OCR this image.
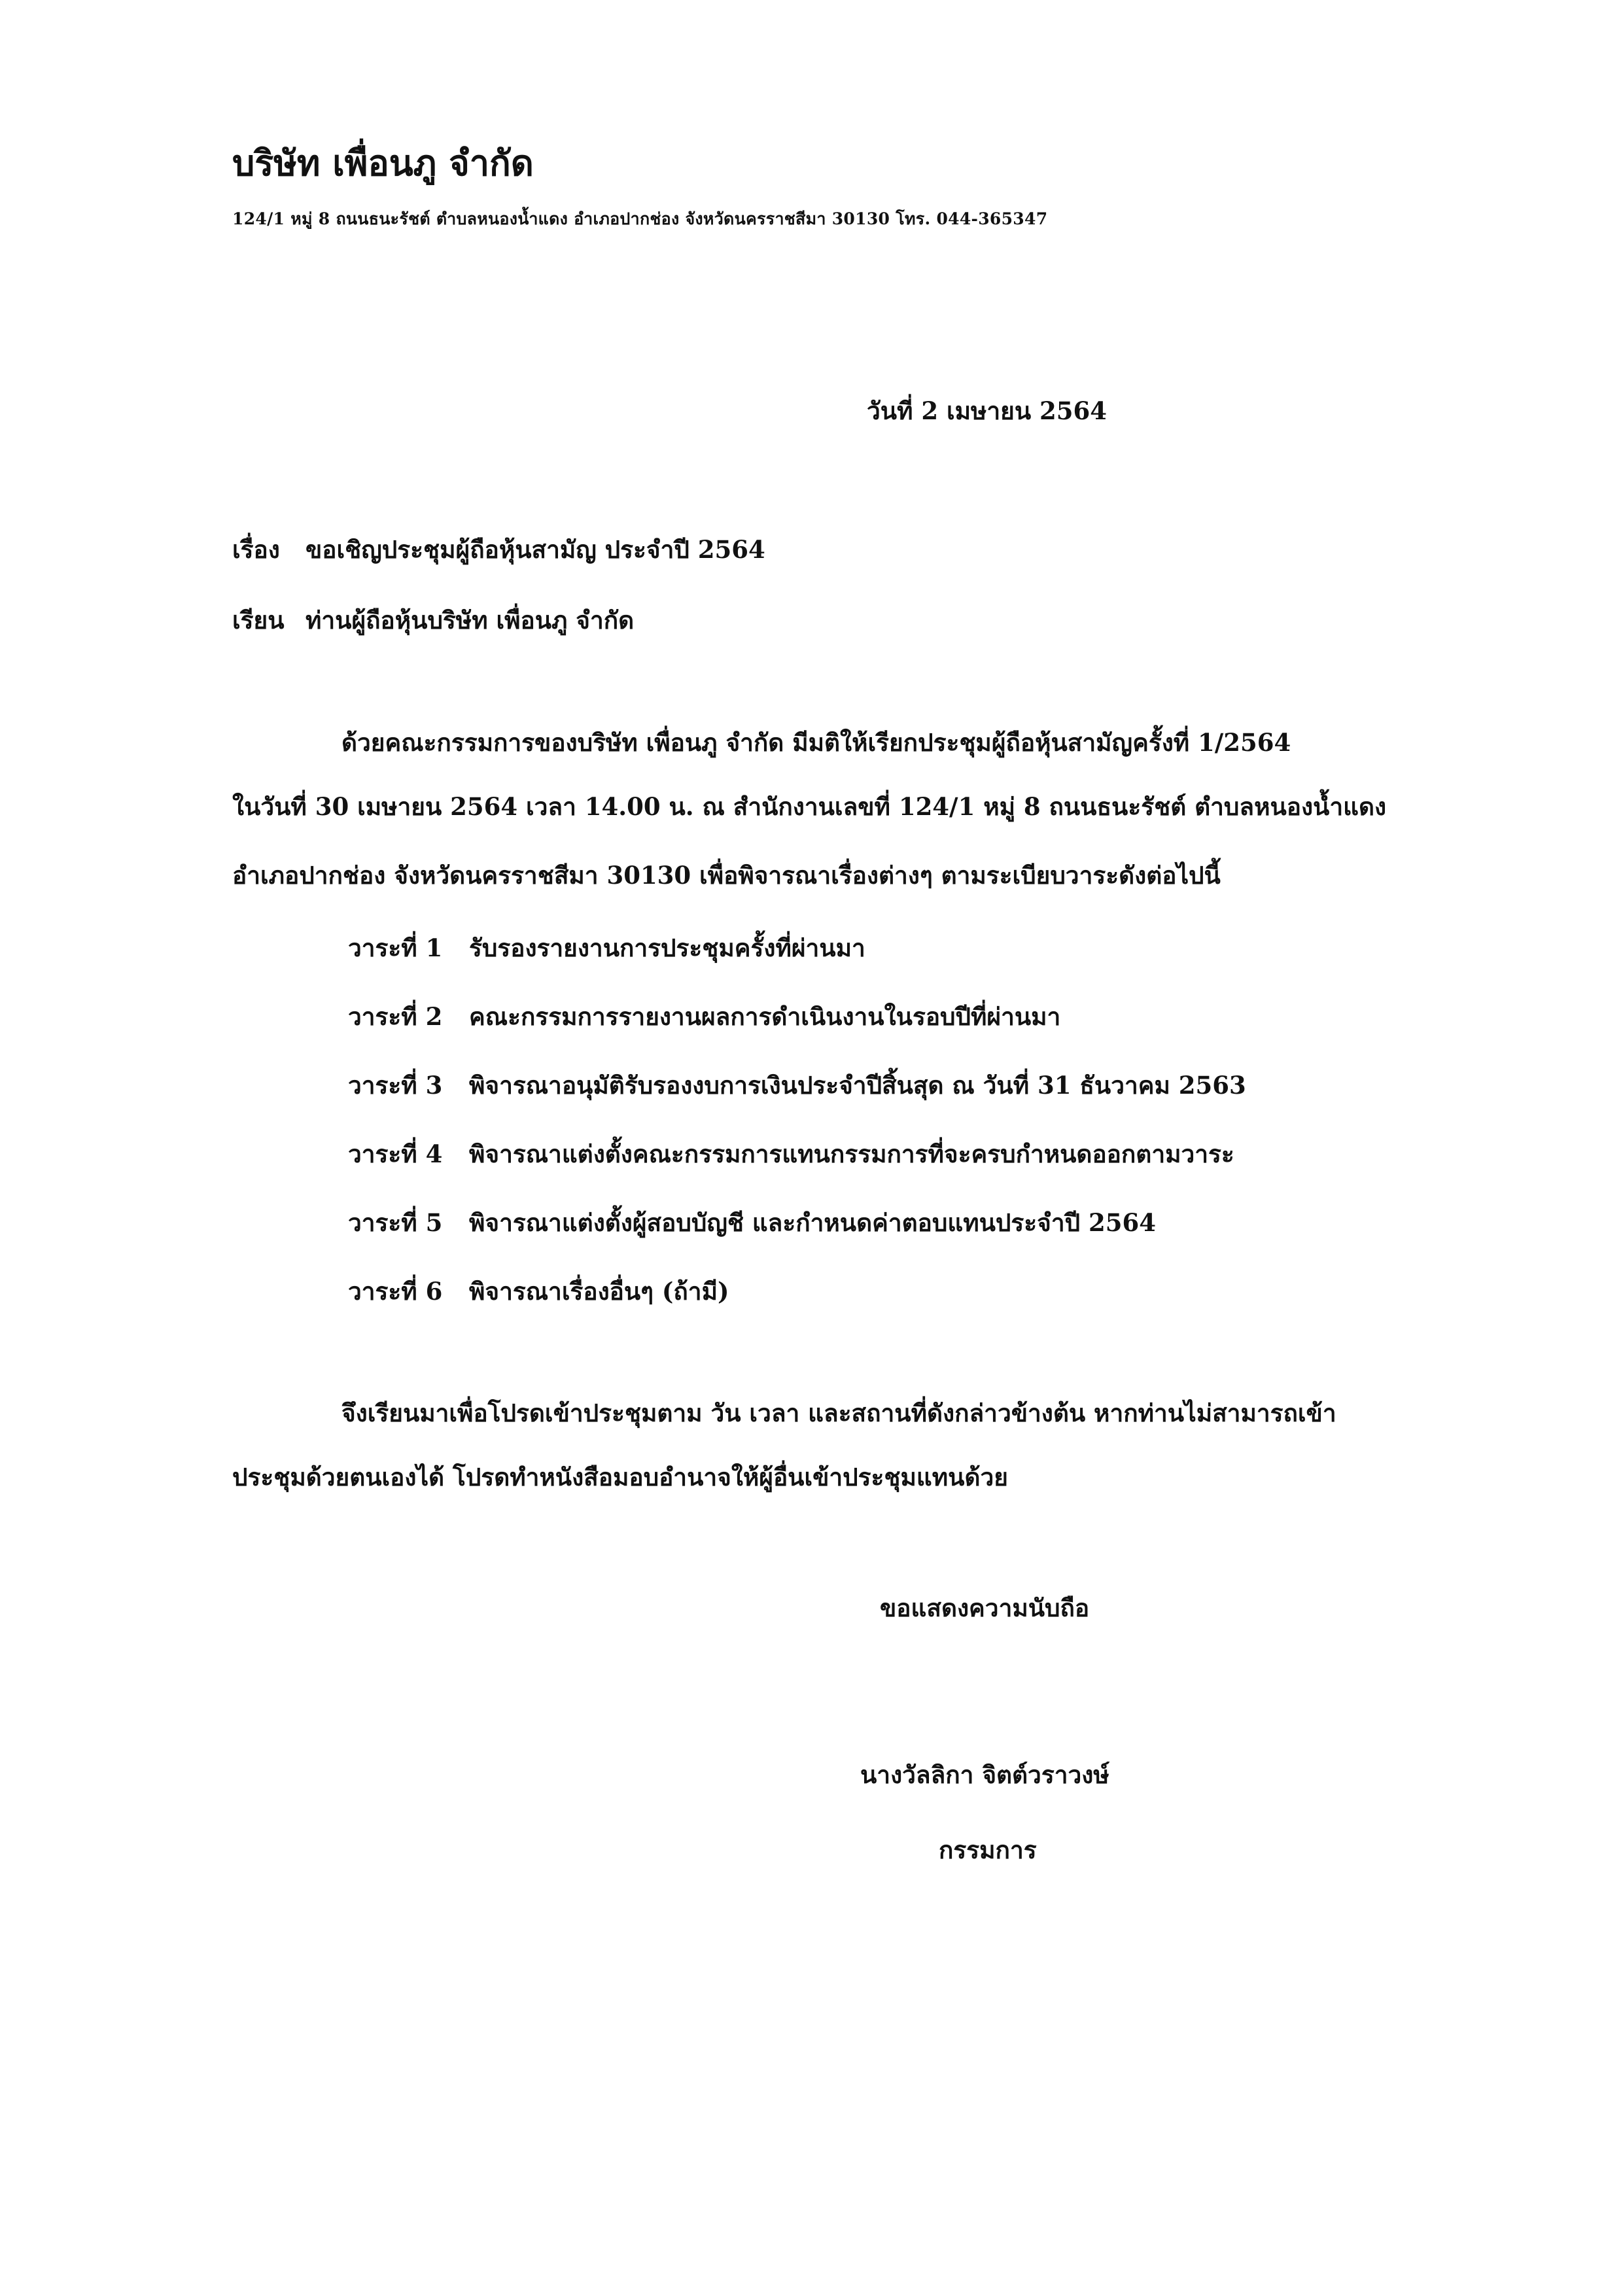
บริษัท เพื่อนภู จำกัด
124/1 หมู่ 8 ถนนธนะรัชต์ ตำบลหนองน้ำแดง อำเภอปากช่อง จังหวัดนครราชสีมา 30130 โทร. 044-365347
วันที่ 2 เมษายน 2564
เรื่อง ขอเชิญประชุมผู้ถือหุ้นสามัญ ประจำปี 2564
เรียน ท่านผู้ถือหุ้นบริษัท เพื่อนภู จำกัด
ด้วยคณะกรรมการของบริษัท เพื่อนภู จำกัด มีมติให้เรียกประชุมผู้ถือหุ้นสามัญครั้งที่ 1/2564
ในวันที่ 30 เมษายน 2564 เวลา 14.00 น. ณ สำนักงานเลขที่ 124/1 หมู่ 8 ถนนธนะรัชต์ ตำบลหนองน้ำแดง
อำเภอปากช่อง จังหวัดนครราชสีมา 30130 เพื่อพิจารณาเรื่องต่างๆ ตามระเบียบวาระดังต่อไปนี้
วาระที่ 1 รับรองรายงานการประชุมครั้งที่ผ่านมา
วาระที่ 2 คณะกรรมการรายงานผลการดำเนินงานในรอบปีที่ผ่านมา
วาระที่ 3 พิจารณาอนุมัติรับรองงบการเงินประจำปีสิ้นสุด ณ วันที่ 31 ธันวาคม 2563
วาระที่ 4 พิจารณาแต่งตั้งคณะกรรมการแทนกรรมการที่จะครบกำหนดออกตามวาระ
วาระที่ 5 พิจารณาแต่งตั้งผู้สอบบัญชี และกำหนดค่าตอบแทนประจำปี 2564
วาระที่ 6 พิจารณาเรื่องอื่นๆ (ถ้ามี)
จึงเรียนมาเพื่อโปรดเข้าประชุมตาม วัน เวลา และสถานที่ดังกล่าวข้างต้น หากท่านไม่สามารถเข้า
ประชุมด้วยตนเองได้ โปรดทำหนังสือมอบอำนาจให้ผู้อื่นเข้าประชุมแทนด้วย
ขอแสดงความนับถือ
นางวัลลิกา จิตต์วราวงษ์
กรรมการ
